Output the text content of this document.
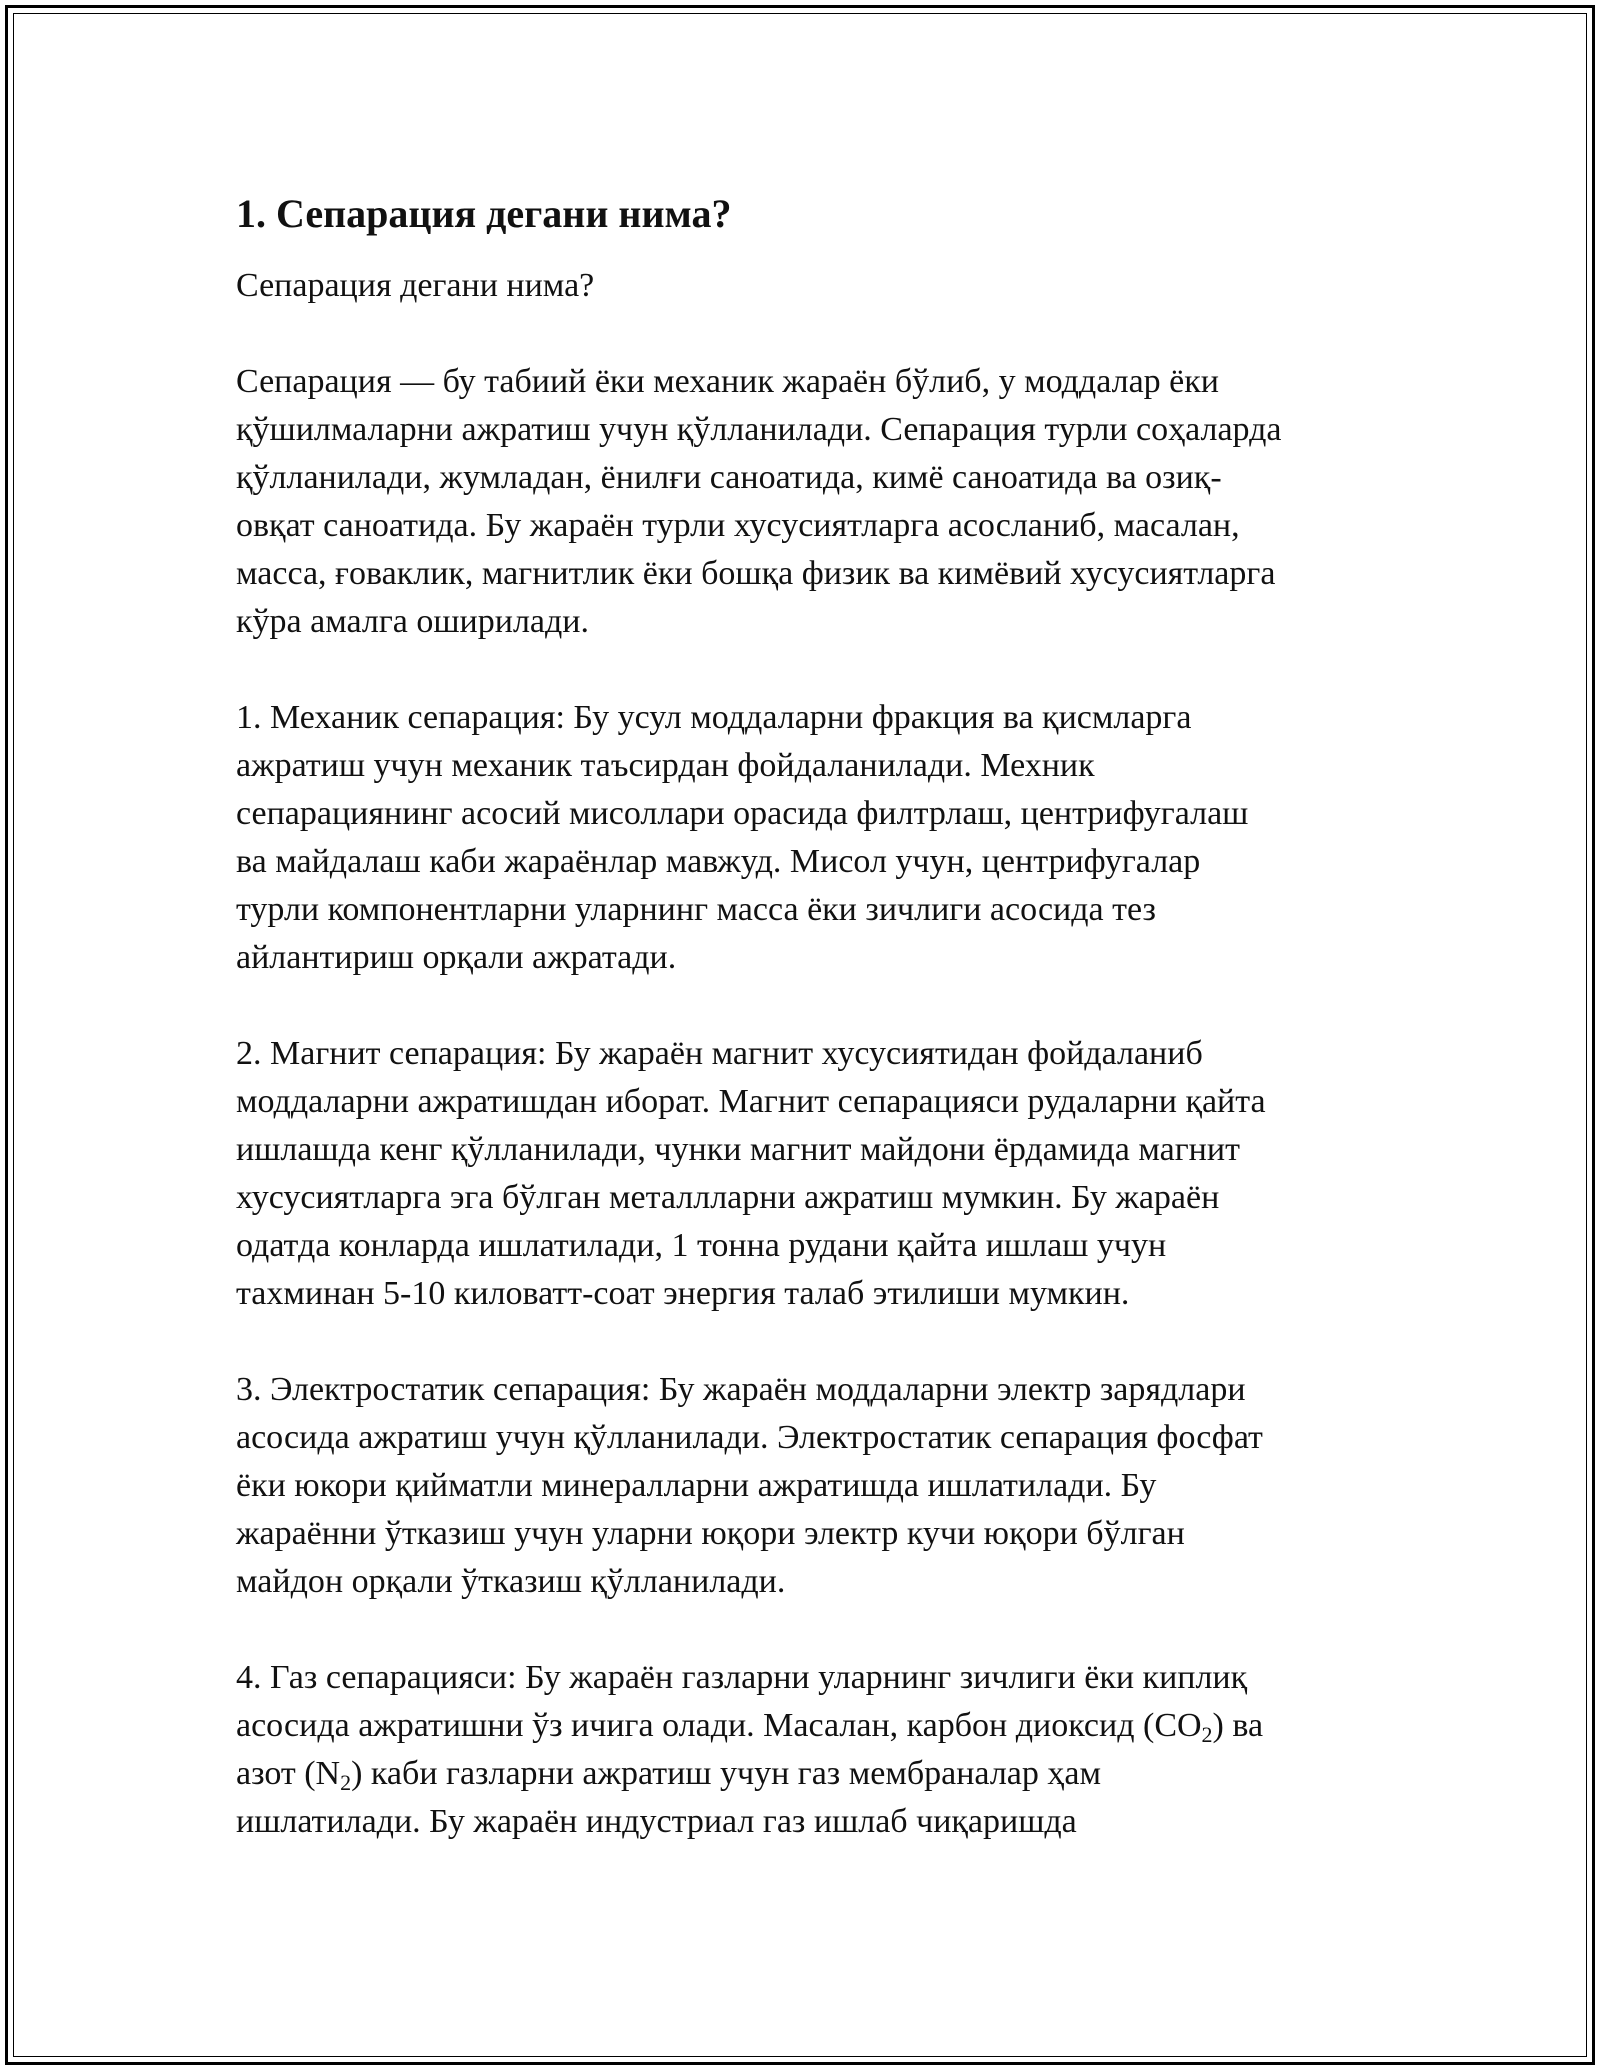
1. Сепарация дегани нима?
Сепарация дегани нима?
Сепарация — бу табиий ёки механик жараён бўлиб, у моддалар ёки
қўшилмаларни ажратиш учун қўлланилади. Сепарация турли соҳаларда
қўлланилади, жумладан, ёнилғи саноатида, кимё саноатида ва озиқ-
овқат саноатида. Бу жараён турли хусусиятларга асосланиб, масалан,
масса, ғоваклик, магнитлик ёки бошқа физик ва кимёвий хусусиятларга
кўра амалга оширилади.
1. Механик сепарация: Бу усул моддаларни фракция ва қисмларга
ажратиш учун механик таъсирдан фойдаланилади. Мехник
сепарациянинг асосий мисоллари орасида филтрлаш, центрифугалаш
ва майдалаш каби жараёнлар мавжуд. Мисол учун, центрифугалар
турли компонентларни уларнинг масса ёки зичлиги асосида тез
айлантириш орқали ажратади.
2. Магнит сепарация: Бу жараён магнит хусусиятидан фойдаланиб
моддаларни ажратишдан иборат. Магнит сепарацияси рудаларни қайта
ишлашда кенг қўлланилади, чунки магнит майдони ёрдамида магнит
хусусиятларга эга бўлган металлларни ажратиш мумкин. Бу жараён
одатда конларда ишлатилади, 1 тонна рудани қайта ишлаш учун
тахминан 5-10 киловатт-соат энергия талаб этилиши мумкин.
3. Электростатик сепарация: Бу жараён моддаларни электр зарядлари
асосида ажратиш учун қўлланилади. Электростатик сепарация фосфат
ёки юкори қийматли минералларни ажратишда ишлатилади. Бу
жараённи ўтказиш учун уларни юқори электр кучи юқори бўлган
майдон орқали ўтказиш қўлланилади.
4. Газ сепарацияси: Бу жараён газларни уларнинг зичлиги ёки киплиқ
асосида ажратишни ўз ичига олади. Масалан, карбон диоксид $(CO_2)$ ва
азот $(N_2)$ каби газларни ажратиш учун газ мембраналар ҳам
ишлатилади. Бу жараён индустриал газ ишлаб чиқаришда
